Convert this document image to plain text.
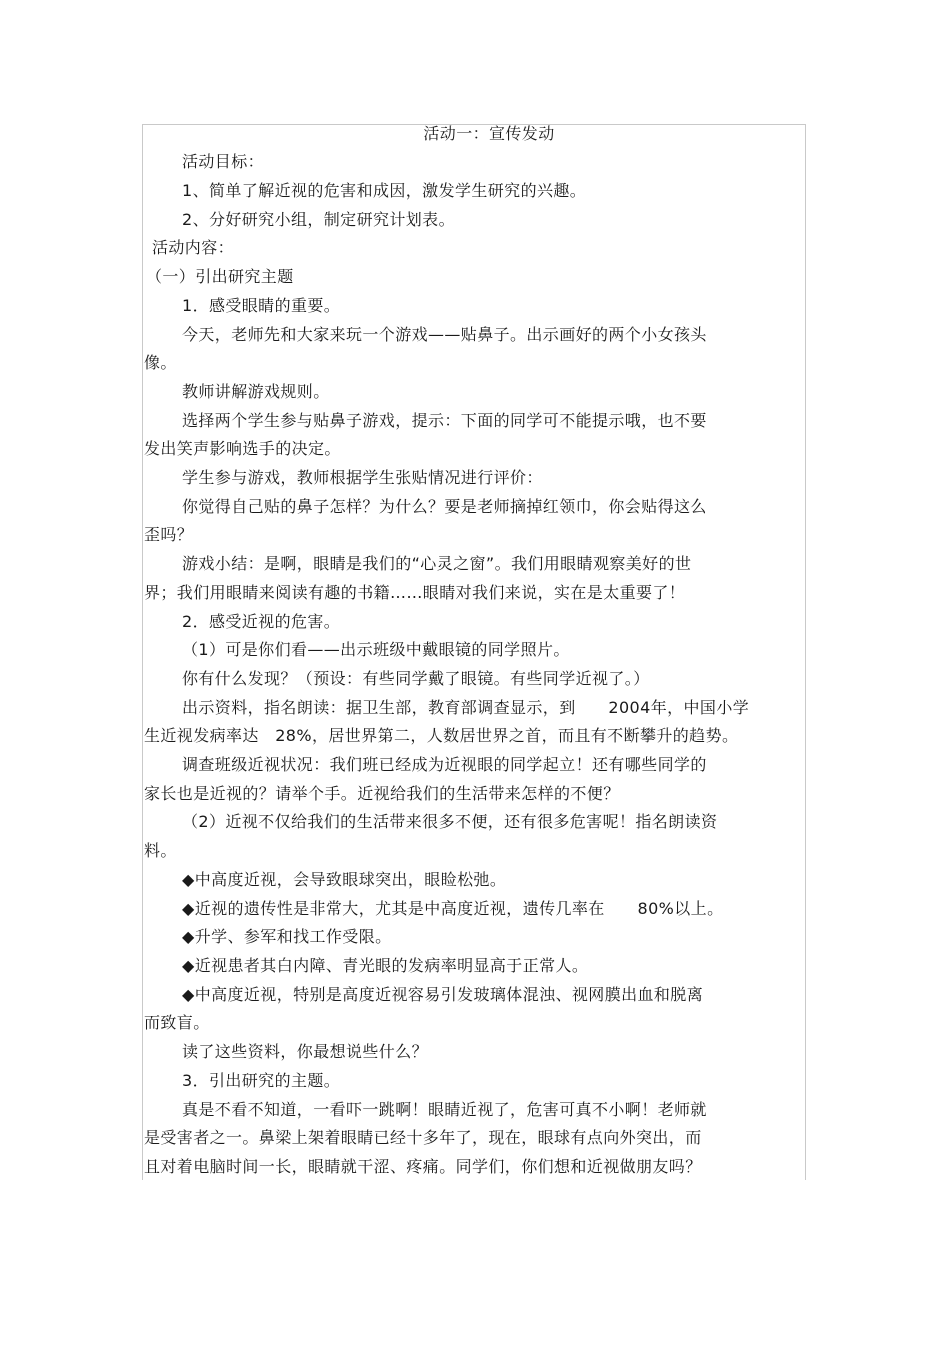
活动一：宣传发动
活动目标：
1、简单了解近视的危害和成因，激发学生研究的兴趣。
2、分好研究小组，制定研究计划表。
活动内容：
（一）引出研究主题
1．感受眼睛的重要。
今天，老师先和大家来玩一个游戏——贴鼻子。出示画好的两个小女孩头
像。
教师讲解游戏规则。
选择两个学生参与贴鼻子游戏，提示：下面的同学可不能提示哦，也不要
发出笑声影响选手的决定。
学生参与游戏，教师根据学生张贴情况进行评价：
你觉得自己贴的鼻子怎样？为什么？要是老师摘掉红领巾，你会贴得这么
歪吗？
游戏小结：是啊，眼睛是我们的“心灵之窗”。我们用眼睛观察美好的世
界；我们用眼睛来阅读有趣的书籍……眼睛对我们来说，实在是太重要了！
2．感受近视的危害。
（1）可是你们看——出示班级中戴眼镜的同学照片。
你有什么发现？（预设：有些同学戴了眼镜。有些同学近视了。）
出示资料，指名朗读：据卫生部，教育部调查显示，到　　2004年，中国小学
生近视发病率达　28%，居世界第二，人数居世界之首，而且有不断攀升的趋势。
调查班级近视状况：我们班已经成为近视眼的同学起立！还有哪些同学的
家长也是近视的？请举个手。近视给我们的生活带来怎样的不便？
（2）近视不仅给我们的生活带来很多不便，还有很多危害呢！指名朗读资
料。
◆中高度近视，会导致眼球突出，眼睑松弛。
◆近视的遗传性是非常大，尤其是中高度近视，遗传几率在　　80%以上。
◆升学、参军和找工作受限。
◆近视患者其白内障、青光眼的发病率明显高于正常人。
◆中高度近视，特别是高度近视容易引发玻璃体混浊、视网膜出血和脱离
而致盲。
读了这些资料，你最想说些什么？
3．引出研究的主题。
真是不看不知道，一看吓一跳啊！眼睛近视了，危害可真不小啊！老师就
是受害者之一。鼻梁上架着眼睛已经十多年了，现在，眼球有点向外突出，而
且对着电脑时间一长，眼睛就干涩、疼痛。同学们，你们想和近视做朋友吗？
